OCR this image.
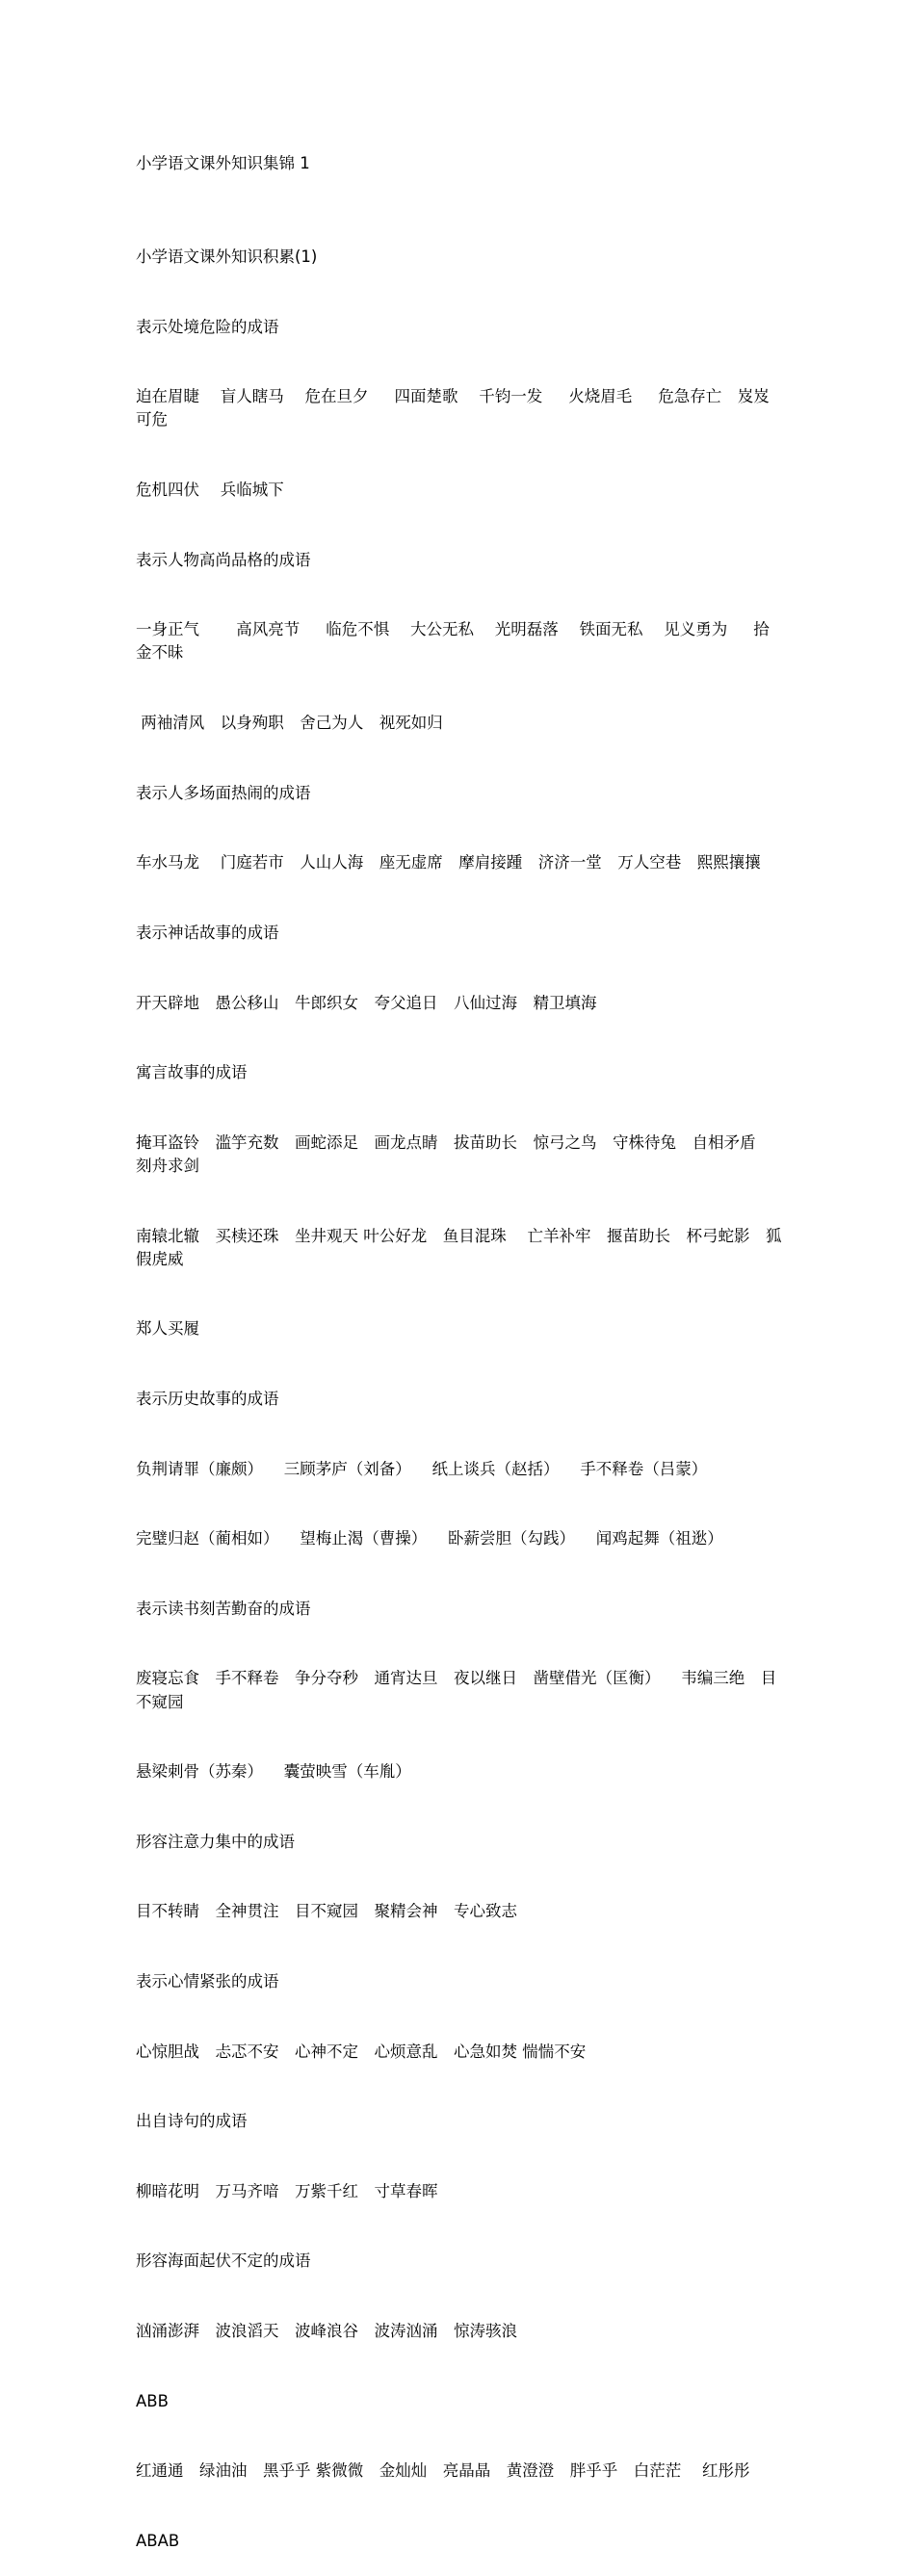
小学语文课外知识集锦 1

小学语文课外知识积累(1)

表示处境危险的成语

迫在眉睫　 盲人瞎马 　危在旦夕 　 四面楚歌 　千钧一发 　 火烧眉毛 　 危急存亡　岌岌可危

危机四伏 　兵临城下

表示人物高尚品格的成语

一身正气 　　高风亮节 　 临危不惧 　大公无私 　光明磊落 　铁面无私 　见义勇为 　 拾金不昧

两袖清风　以身殉职　舍己为人　视死如归

表示人多场面热闹的成语

车水马龙 　门庭若市　人山人海　座无虚席　摩肩接踵　济济一堂　万人空巷　熙熙攘攘

表示神话故事的成语

开天辟地　愚公移山　牛郎织女　夸父追日　八仙过海　精卫填海

寓言故事的成语

掩耳盗铃　滥竽充数　画蛇添足　画龙点睛　拔苗助长　惊弓之鸟　守株待兔　自相矛盾　刻舟求剑

南辕北辙　买椟还珠　坐井观天 叶公好龙　鱼目混珠 　亡羊补牢　揠苗助长　杯弓蛇影　狐假虎威

郑人买履

表示历史故事的成语

负荆请罪（廉颇） 　三顾茅庐（刘备） 　纸上谈兵（赵括） 　手不释卷（吕蒙）

完璧归赵（蔺相如） 　望梅止渴（曹操） 　卧薪尝胆（勾践） 　闻鸡起舞（祖逖）

表示读书刻苦勤奋的成语

废寝忘食　手不释卷　争分夺秒　通宵达旦　夜以继日　凿壁借光（匡衡） 　韦编三绝　目不窥园

悬梁刺骨（苏秦） 　囊萤映雪（车胤）

形容注意力集中的成语

目不转睛　全神贯注　目不窥园　聚精会神　专心致志

表示心情紧张的成语

心惊胆战　忐忑不安　心神不定　心烦意乱　心急如焚 惴惴不安

出自诗句的成语

柳暗花明　万马齐喑　万紫千红　寸草春晖

形容海面起伏不定的成语

汹涌澎湃　波浪滔天　波峰浪谷　波涛汹涌　惊涛骇浪

ABB

红通通　绿油油　黑乎乎 紫微微　金灿灿　亮晶晶　黄澄澄　胖乎乎　白茫茫 　红彤彤

ABAB
